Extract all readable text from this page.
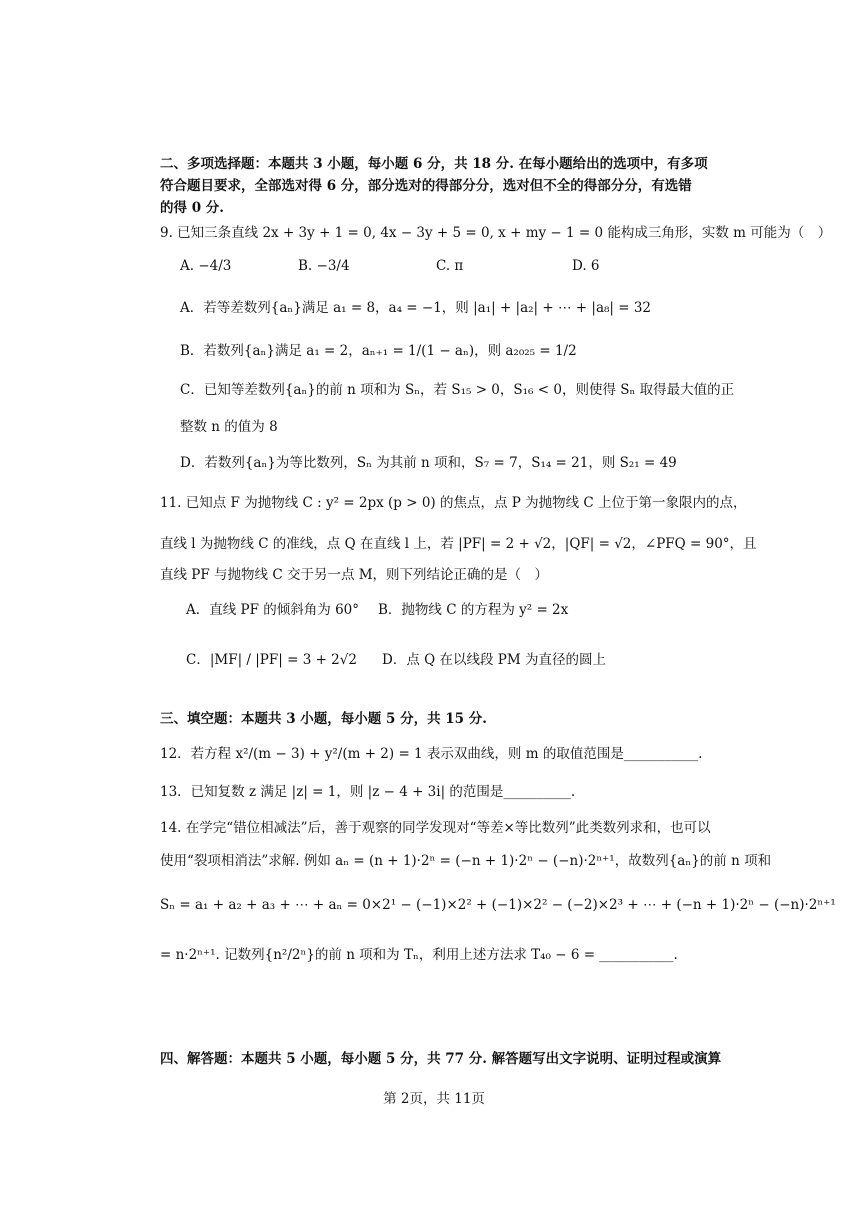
二、多项选择题：本题共 3 小题，每小题 6 分，共 18 分. 在每小题给出的选项中，有多项
符合题目要求，全部选对得 6 分，部分选对的得部分分，选对但不全的得部分分，有选错
的得 0 分.
9. 已知三条直线 2x + 3y + 1 = 0, 4x − 3y + 5 = 0, x + my − 1 = 0 能构成三角形，实数 m 可能为（　）
A. −4/3	B. −3/4	C. π	D. 6
A．若等差数列{aₙ}满足 a₁ = 8，a₄ = −1，则 |a₁| + |a₂| + ⋯ + |a₈| = 32
B．若数列{aₙ}满足 a₁ = 2，aₙ₊₁ = 1/(1 − aₙ)，则 a₂₀₂₅ = 1/2
C．已知等差数列{aₙ}的前 n 项和为 Sₙ，若 S₁₅ > 0，S₁₆ < 0，则使得 Sₙ 取得最大值的正
整数 n 的值为 8
D．若数列{aₙ}为等比数列，Sₙ 为其前 n 项和，S₇ = 7，S₁₄ = 21，则 S₂₁ = 49
11. 已知点 F 为抛物线 C : y² = 2px (p > 0) 的焦点，点 P 为抛物线 C 上位于第一象限内的点，
直线 l 为抛物线 C 的准线，点 Q 在直线 l 上，若 |PF| = 2 + √2，|QF| = √2，∠PFQ = 90°，且
直线 PF 与抛物线 C 交于另一点 M，则下列结论正确的是（　）
A．直线 PF 的倾斜角为 60° B．抛物线 C 的方程为 y² = 2x
C．|MF| / |PF| = 3 + 2√2 D．点 Q 在以线段 PM 为直径的圆上
三、填空题：本题共 3 小题，每小题 5 分，共 15 分.
12．若方程 x²/(m − 3) + y²/(m + 2) = 1 表示双曲线，则 m 的取值范围是___________.
13．已知复数 z 满足 |z| = 1，则 |z − 4 + 3i| 的范围是__________.
14. 在学完“错位相减法”后，善于观察的同学发现对“等差×等比数列”此类数列求和，也可以
使用“裂项相消法”求解. 例如 aₙ = (n + 1)·2ⁿ = (−n + 1)·2ⁿ − (−n)·2ⁿ⁺¹，故数列{aₙ}的前 n 项和
Sₙ = a₁ + a₂ + a₃ + ⋯ + aₙ = 0×2¹ − (−1)×2² + (−1)×2² − (−2)×2³ + ⋯ + (−n + 1)·2ⁿ − (−n)·2ⁿ⁺¹
= n·2ⁿ⁺¹. 记数列{n²/2ⁿ}的前 n 项和为 Tₙ，利用上述方法求 T₄₀ − 6 = ___________.
四、解答题：本题共 5 小题，每小题 5 分，共 77 分. 解答题写出文字说明、证明过程或演算
第 2页，共 11页
